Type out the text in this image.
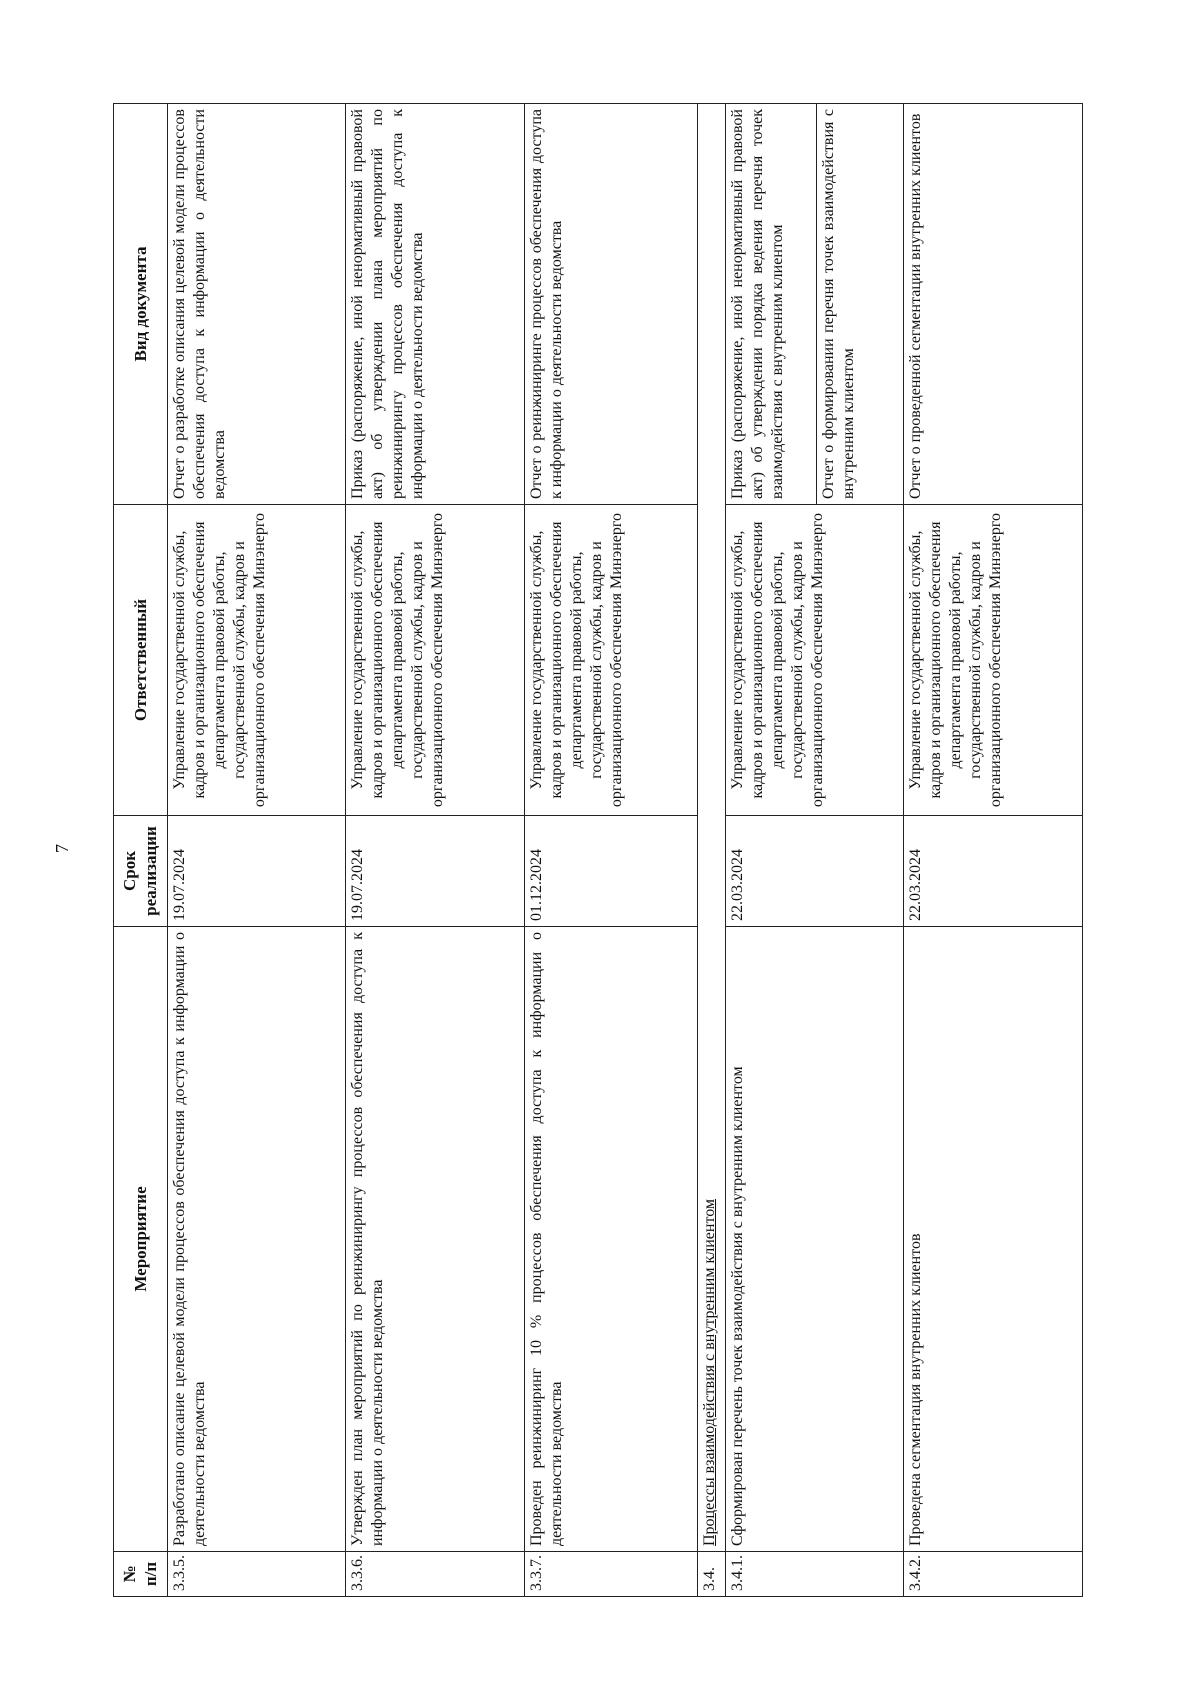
7
№ п/п	Мероприятие	Срок реализации	Ответственный	Вид документа
3.3.5.	Разработано описание целевой модели процессов обеспечения доступа к информации о деятельности ведомства	19.07.2024	Управление государственной службы, кадров и организационного обеспечения департамента правовой работы, государственной службы, кадров и организационного обеспечения Минэнерго	Отчет о разработке описания целевой модели процессов обеспечения доступа к информации о деятельности ведомства
3.3.6.	Утвержден план мероприятий по реинжинирингу процессов обеспечения доступа к информации о деятельности ведомства	19.07.2024	Управление государственной службы, кадров и организационного обеспечения департамента правовой работы, государственной службы, кадров и организационного обеспечения Минэнерго	Приказ (распоряжение, иной ненормативный правовой акт) об утверждении плана мероприятий по реинжинирингу процессов обеспечения доступа к информации о деятельности ведомства
3.3.7.	Проведен реинжиниринг 10 % процессов обеспечения доступа к информации о деятельности ведомства	01.12.2024	Управление государственной службы, кадров и организационного обеспечения департамента правовой работы, государственной службы, кадров и организационного обеспечения Минэнерго	Отчет о реинжиниринге процессов обеспечения доступа к информации о деятельности ведомства
3.4.	Процессы взаимодействия с внутренним клиентом			
3.4.1.	Сформирован перечень точек взаимодействия с внутренним клиентом	22.03.2024	Управление государственной службы, кадров и организационного обеспечения департамента правовой работы, государственной службы, кадров и организационного обеспечения Минэнерго	Приказ (распоряжение, иной ненормативный правовой акт) об утверждении порядка ведения перечня точек взаимодействия с внутренним клиентом
				Отчет о формировании перечня точек взаимодействия с внутренним клиентом
3.4.2.	Проведена сегментация внутренних клиентов	22.03.2024	Управление государственной службы, кадров и организационного обеспечения департамента правовой работы, государственной службы, кадров и организационного обеспечения Минэнерго	Отчет о проведенной сегментации внутренних клиентов
